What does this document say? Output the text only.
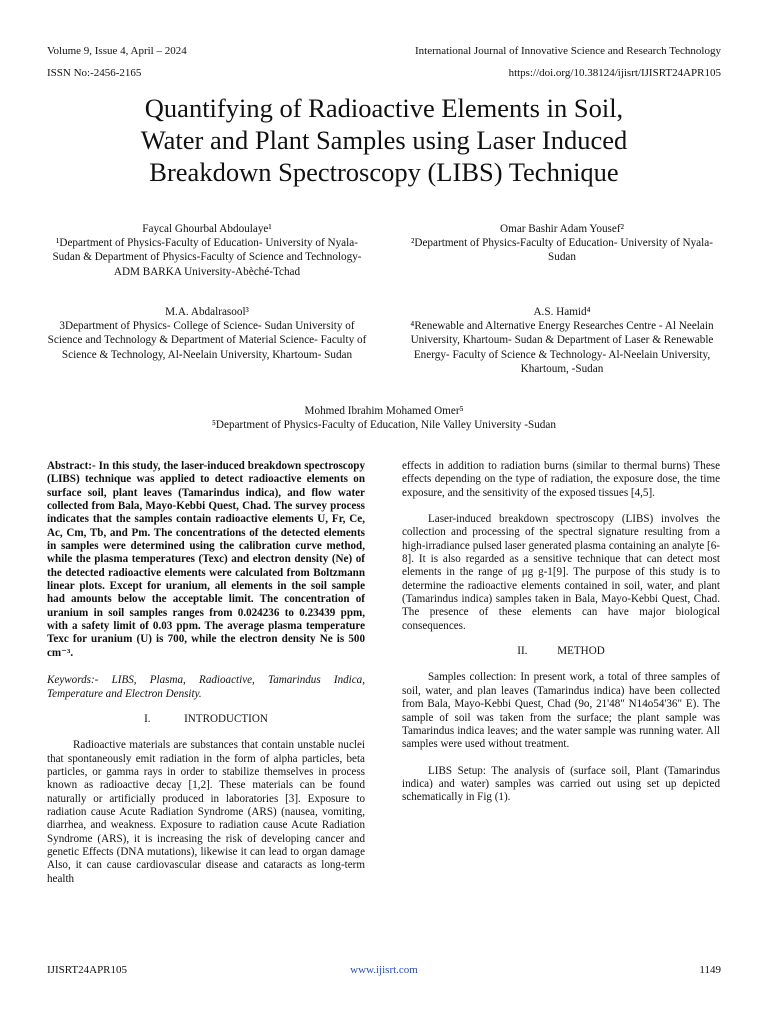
Volume 9, Issue 4, April – 2024	International Journal of Innovative Science and Research Technology
ISSN No:-2456-2165	https://doi.org/10.38124/ijisrt/IJISRT24APR105
Quantifying of Radioactive Elements in Soil,
Water and Plant Samples using Laser Induced
Breakdown Spectroscopy (LIBS) Technique
Faycal Ghourbal Abdoulaye¹
¹Department of Physics-Faculty of Education- University of Nyala-Sudan & Department of Physics-Faculty of Science and Technology-ADM BARKA University-Abèché-Tchad
Omar Bashir Adam Yousef²
²Department of Physics-Faculty of Education- University of Nyala-Sudan
M.A. Abdalrasool³
3Department of Physics- College of Science- Sudan University of Science and Technology & Department of Material Science- Faculty of Science & Technology, Al-Neelain University, Khartoum- Sudan
A.S. Hamid⁴
⁴Renewable and Alternative Energy Researches Centre - Al Neelain University, Khartoum- Sudan & Department of Laser & Renewable Energy- Faculty of Science & Technology- Al-Neelain University, Khartoum, -Sudan
Mohmed Ibrahim Mohamed Omer⁵
⁵Department of Physics-Faculty of Education, Nile Valley University -Sudan

Abstract:- In this study, the laser-induced breakdown spectroscopy (LIBS) technique was applied to detect radioactive elements on surface soil, plant leaves (Tamarindus indica), and flow water collected from Bala, Mayo-Kebbi Quest, Chad. The survey process indicates that the samples contain radioactive elements U, Fr, Ce, Ac, Cm, Tb, and Pm. The concentrations of the detected elements in samples were determined using the calibration curve method, while the plasma temperatures (Texc) and electron density (Ne) of the detected radioactive elements were calculated from Boltzmann linear plots. Except for uranium, all elements in the soil sample had amounts below the acceptable limit. The concentration of uranium in soil samples ranges from 0.024236 to 0.23439 ppm, with a safety limit of 0.03 ppm. The average plasma temperature Texc for uranium (U) is 700, while the electron density Ne is 500 cm⁻³.

Keywords:- LIBS, Plasma, Radioactive, Tamarindus Indica, Temperature and Electron Density.

I.	INTRODUCTION

Radioactive materials are substances that contain unstable nuclei that spontaneously emit radiation in the form of alpha particles, beta particles, or gamma rays in order to stabilize themselves in process known as radioactive decay [1,2]. These materials can be found naturally or artificially produced in laboratories [3]. Exposure to radiation cause Acute Radiation Syndrome (ARS) (nausea, vomiting, diarrhea, and weakness. Exposure to radiation cause Acute Radiation Syndrome (ARS), it is increasing the risk of developing cancer and genetic Effects (DNA mutations), likewise it can lead to organ damage Also, it can cause cardiovascular disease and cataracts as long-term health

effects in addition to radiation burns (similar to thermal burns) These effects depending on the type of radiation, the exposure dose, the time exposure, and the sensitivity of the exposed tissues [4,5].

Laser-induced breakdown spectroscopy (LIBS) involves the collection and processing of the spectral signature resulting from a high-irradiance pulsed laser generated plasma containing an analyte [6-8]. It is also regarded as a sensitive technique that can detect most elements in the range of μg g-1[9]. The purpose of this study is to determine the radioactive elements contained in soil, water, and plant (Tamarindus indica) samples taken in Bala, Mayo-Kebbi Quest, Chad. The presence of these elements can have major biological consequences.

II.	METHOD

Samples collection: In present work, a total of three samples of soil, water, and plan leaves (Tamarindus indica) have been collected from Bala, Mayo-Kebbi Quest, Chad (9o, 21'48" N14o54'36" E). The sample of soil was taken from the surface; the plant sample was Tamarindus indica leaves; and the water sample was running water. All samples were used without treatment.

LIBS Setup: The analysis of (surface soil, Plant (Tamarindus indica) and water) samples was carried out using set up depicted schematically in Fig (1).

IJISRT24APR105	www.ijisrt.com	1149
